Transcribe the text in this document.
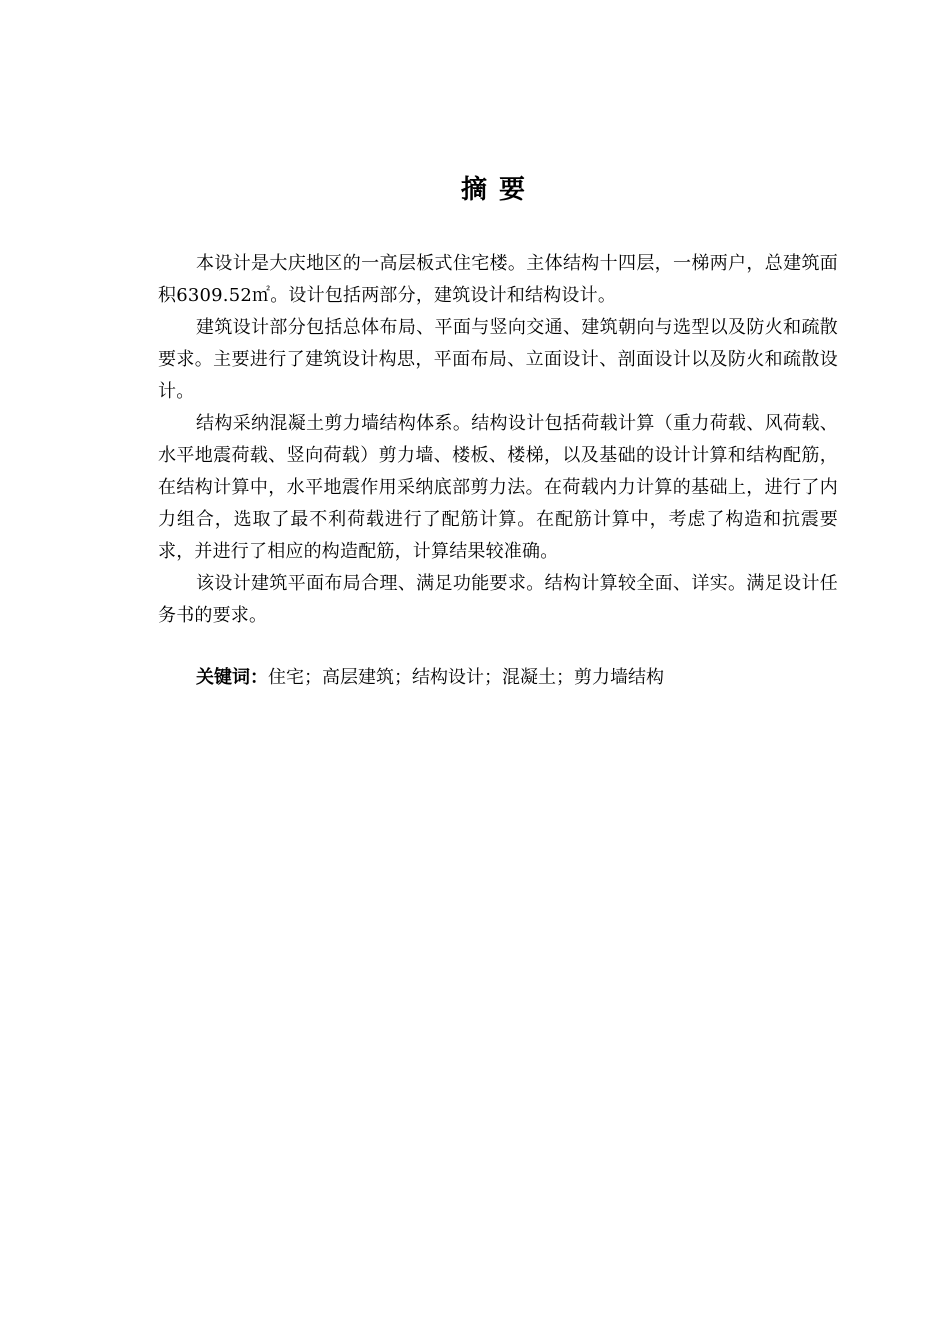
摘要

本设计是大庆地区的一高层板式住宅楼。主体结构十四层，一梯两户，总建筑面积6309.52㎡。设计包括两部分，建筑设计和结构设计。

建筑设计部分包括总体布局、平面与竖向交通、建筑朝向与选型以及防火和疏散要求。主要进行了建筑设计构思，平面布局、立面设计、剖面设计以及防火和疏散设计。

结构采纳混凝土剪力墙结构体系。结构设计包括荷载计算（重力荷载、风荷载、水平地震荷载、竖向荷载）剪力墙、楼板、楼梯，以及基础的设计计算和结构配筋，在结构计算中，水平地震作用采纳底部剪力法。在荷载内力计算的基础上，进行了内力组合，选取了最不利荷载进行了配筋计算。在配筋计算中，考虑了构造和抗震要求，并进行了相应的构造配筋，计算结果较准确。

该设计建筑平面布局合理、满足功能要求。结构计算较全面、详实。满足设计任务书的要求。

关键词：住宅；高层建筑；结构设计；混凝土；剪力墙结构
